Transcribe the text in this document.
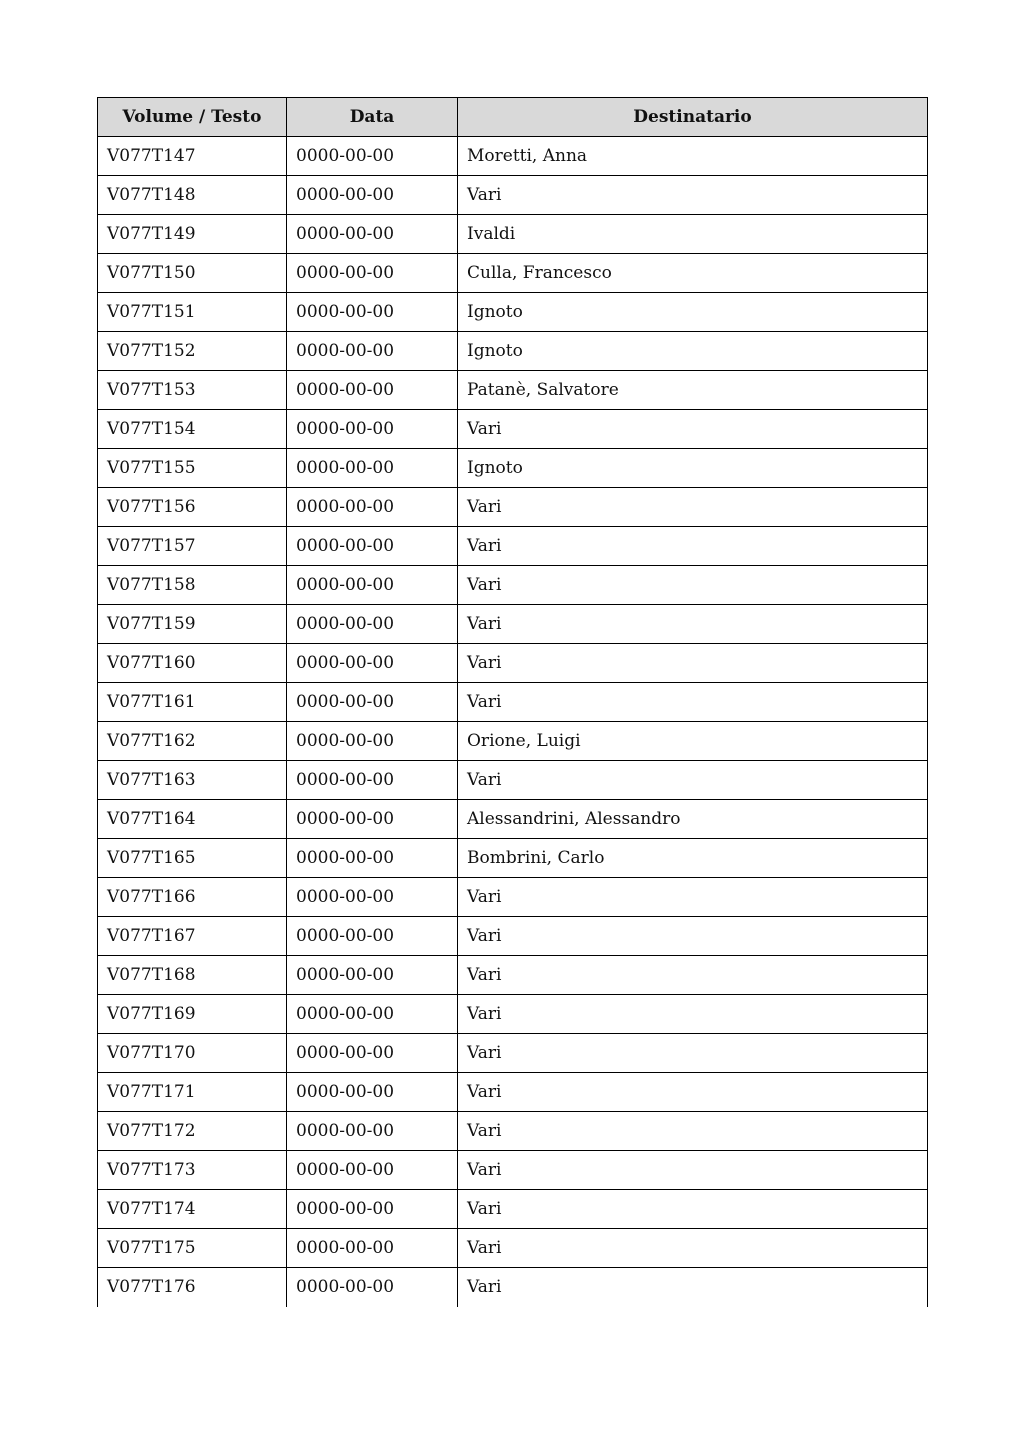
Volume / Testo	Data	Destinatario
V077T147	0000-00-00	Moretti, Anna
V077T148	0000-00-00	Vari
V077T149	0000-00-00	Ivaldi
V077T150	0000-00-00	Culla, Francesco
V077T151	0000-00-00	Ignoto
V077T152	0000-00-00	Ignoto
V077T153	0000-00-00	Patanè, Salvatore
V077T154	0000-00-00	Vari
V077T155	0000-00-00	Ignoto
V077T156	0000-00-00	Vari
V077T157	0000-00-00	Vari
V077T158	0000-00-00	Vari
V077T159	0000-00-00	Vari
V077T160	0000-00-00	Vari
V077T161	0000-00-00	Vari
V077T162	0000-00-00	Orione, Luigi
V077T163	0000-00-00	Vari
V077T164	0000-00-00	Alessandrini, Alessandro
V077T165	0000-00-00	Bombrini, Carlo
V077T166	0000-00-00	Vari
V077T167	0000-00-00	Vari
V077T168	0000-00-00	Vari
V077T169	0000-00-00	Vari
V077T170	0000-00-00	Vari
V077T171	0000-00-00	Vari
V077T172	0000-00-00	Vari
V077T173	0000-00-00	Vari
V077T174	0000-00-00	Vari
V077T175	0000-00-00	Vari
V077T176	0000-00-00	Vari
